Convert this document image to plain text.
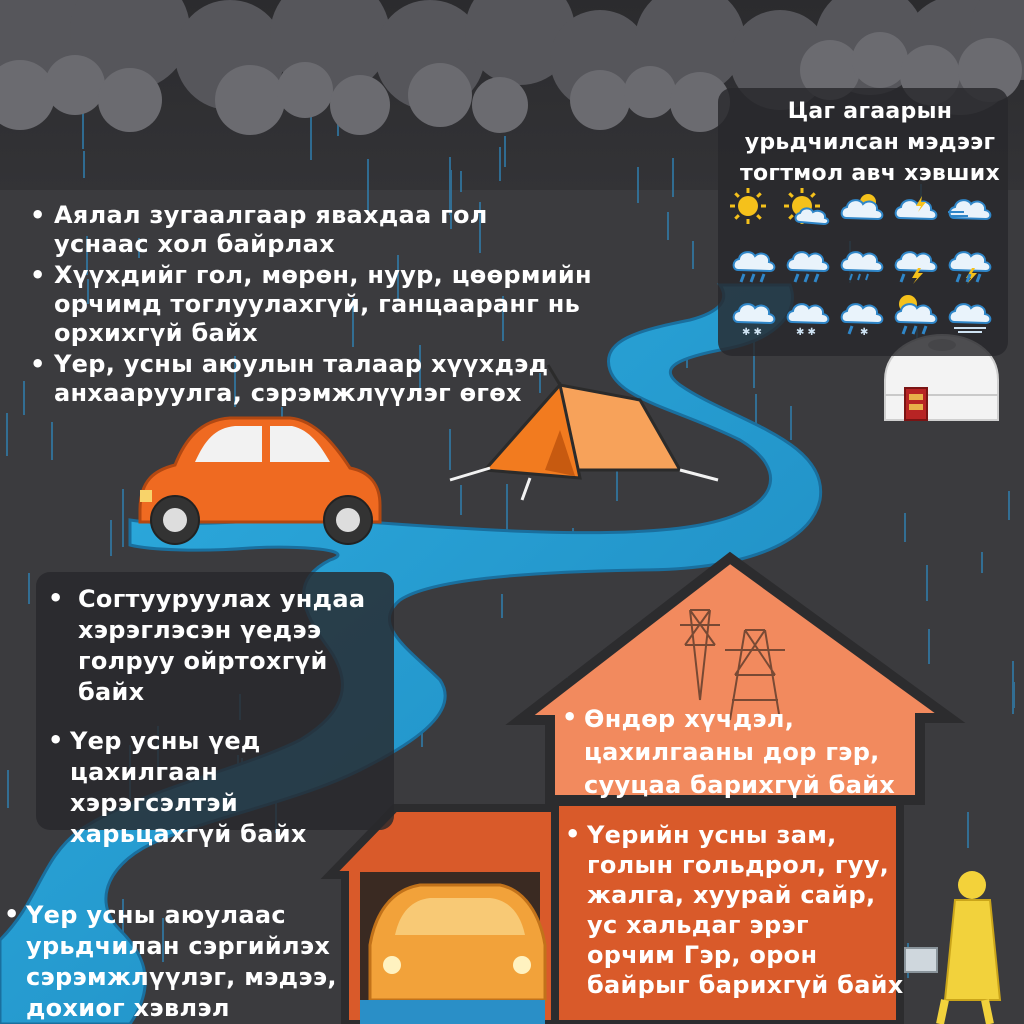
• Аялал зугаалгаар явахдаа гол уснаас хол байрлах
• Хүүхдийг гол, мөрөн, нуур, цөөрмийн орчимд тоглуулахгүй, ганцааранг нь орхихгүй байх
• Үер, усны аюулын талаар хүүхдэд анхааруулга, сэрэмжлүүлэг өгөх
Цаг агаарын урьдчилсан мэдээг тогтмол авч хэвших
✱ ✱	✱ ✱	✱
• Согтууруулах ундаа хэрэглэсэн үедээ голруу ойртохгүй байх
• Үер усны үед цахилгаан хэрэгсэлтэй харьцахгүй байх
• Өндөр хүчдэл, цахилгааны дор гэр, сууцаа барихгүй байх
• Үерийн усны зам, голын гольдрол, гуу, жалга, хуурай сайр, ус хальдаг эрэг орчим Гэр, орон байрыг барихгүй байх
• Үер усны аюулаас урьдчилан сэргийлэх сэрэмжлүүлэг, мэдээ, дохиог хэвлэл
